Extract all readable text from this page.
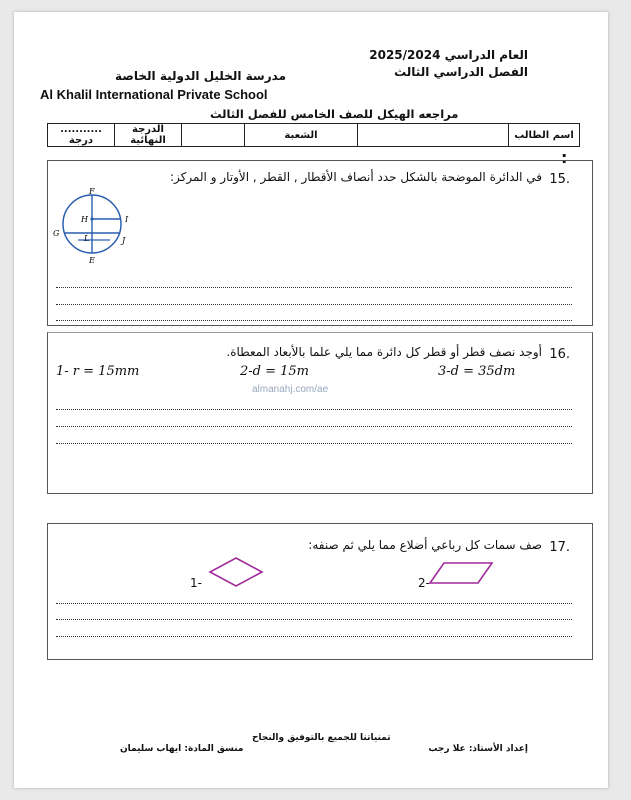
العام الدراسي 2025/2024
الفصل الدراسي الثالث
مدرسة الخليل الدولية الخاصة
Al Khalil International Private School
مراجعه الهيكل للصف الخامس للفصل الثالث
........... درجة	الدرجة النهائية		الشعبة		اسم الطالب
:
15.
في الدائرة الموضحة بالشكل حدد أنصاف الأقطار , القطر , الأوتار و المركز:
F
H	I
G
L	J
E
16.
أوجد نصف قطر أو قطر كل دائرة مما يلي علما بالأبعاد المعطاة.
1- r = 15mm	2-d = 15m	3-d = 35dm
almanahj.com/ae
17.
صف سمات كل رباعي أضلاع مما يلي ثم صنفه:
1-	2-
تمنياتنا للجميع بالتوفيق والنجاح
منسق المادة: ايهاب سليمان	إعداد الأستاذ: علا رجب
